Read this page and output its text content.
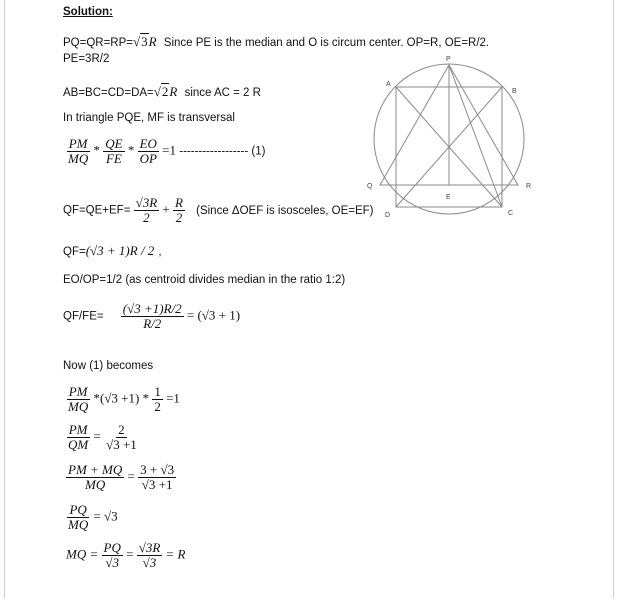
Solution:
PQ=QR=RP=√3R Since PE is the median and O is circum center. OP=R, OE=R/2.
PE=3R/2
AB=BC=CD=DA=√2R since AC = 2 R
In triangle PQE, MF is transversal
$\frac{PM}{MQ} * \frac{QE}{FE} * \frac{EO}{OP} =1$ ------------------ (1)
$QF=QE+EF= \frac{√3R}{2} + \frac{R}{2}$ (Since ΔOEF is isosceles, OE=EF)
QF=(√3 + 1)R / 2 ,
EO/OP=1/2 (as centroid divides median in the ratio 1:2)
$QF/FE= \frac{(√3 +1)R/2}{R/2} = (√3 + 1)$
Now (1) becomes
$\frac{PM}{MQ} *(√3 +1) * \frac{1}{2} =1$
$\frac{PM}{QM} = \frac{2}{√3 +1}$
$\frac{PM + MQ}{MQ} = \frac{3 + √3}{√3 +1}$
$\frac{PQ}{MQ} = √3$
MQ = $\frac{PQ}{√3} = \frac{√3R}{√3} = R$
P
A
B
Q	R
E
D	C
